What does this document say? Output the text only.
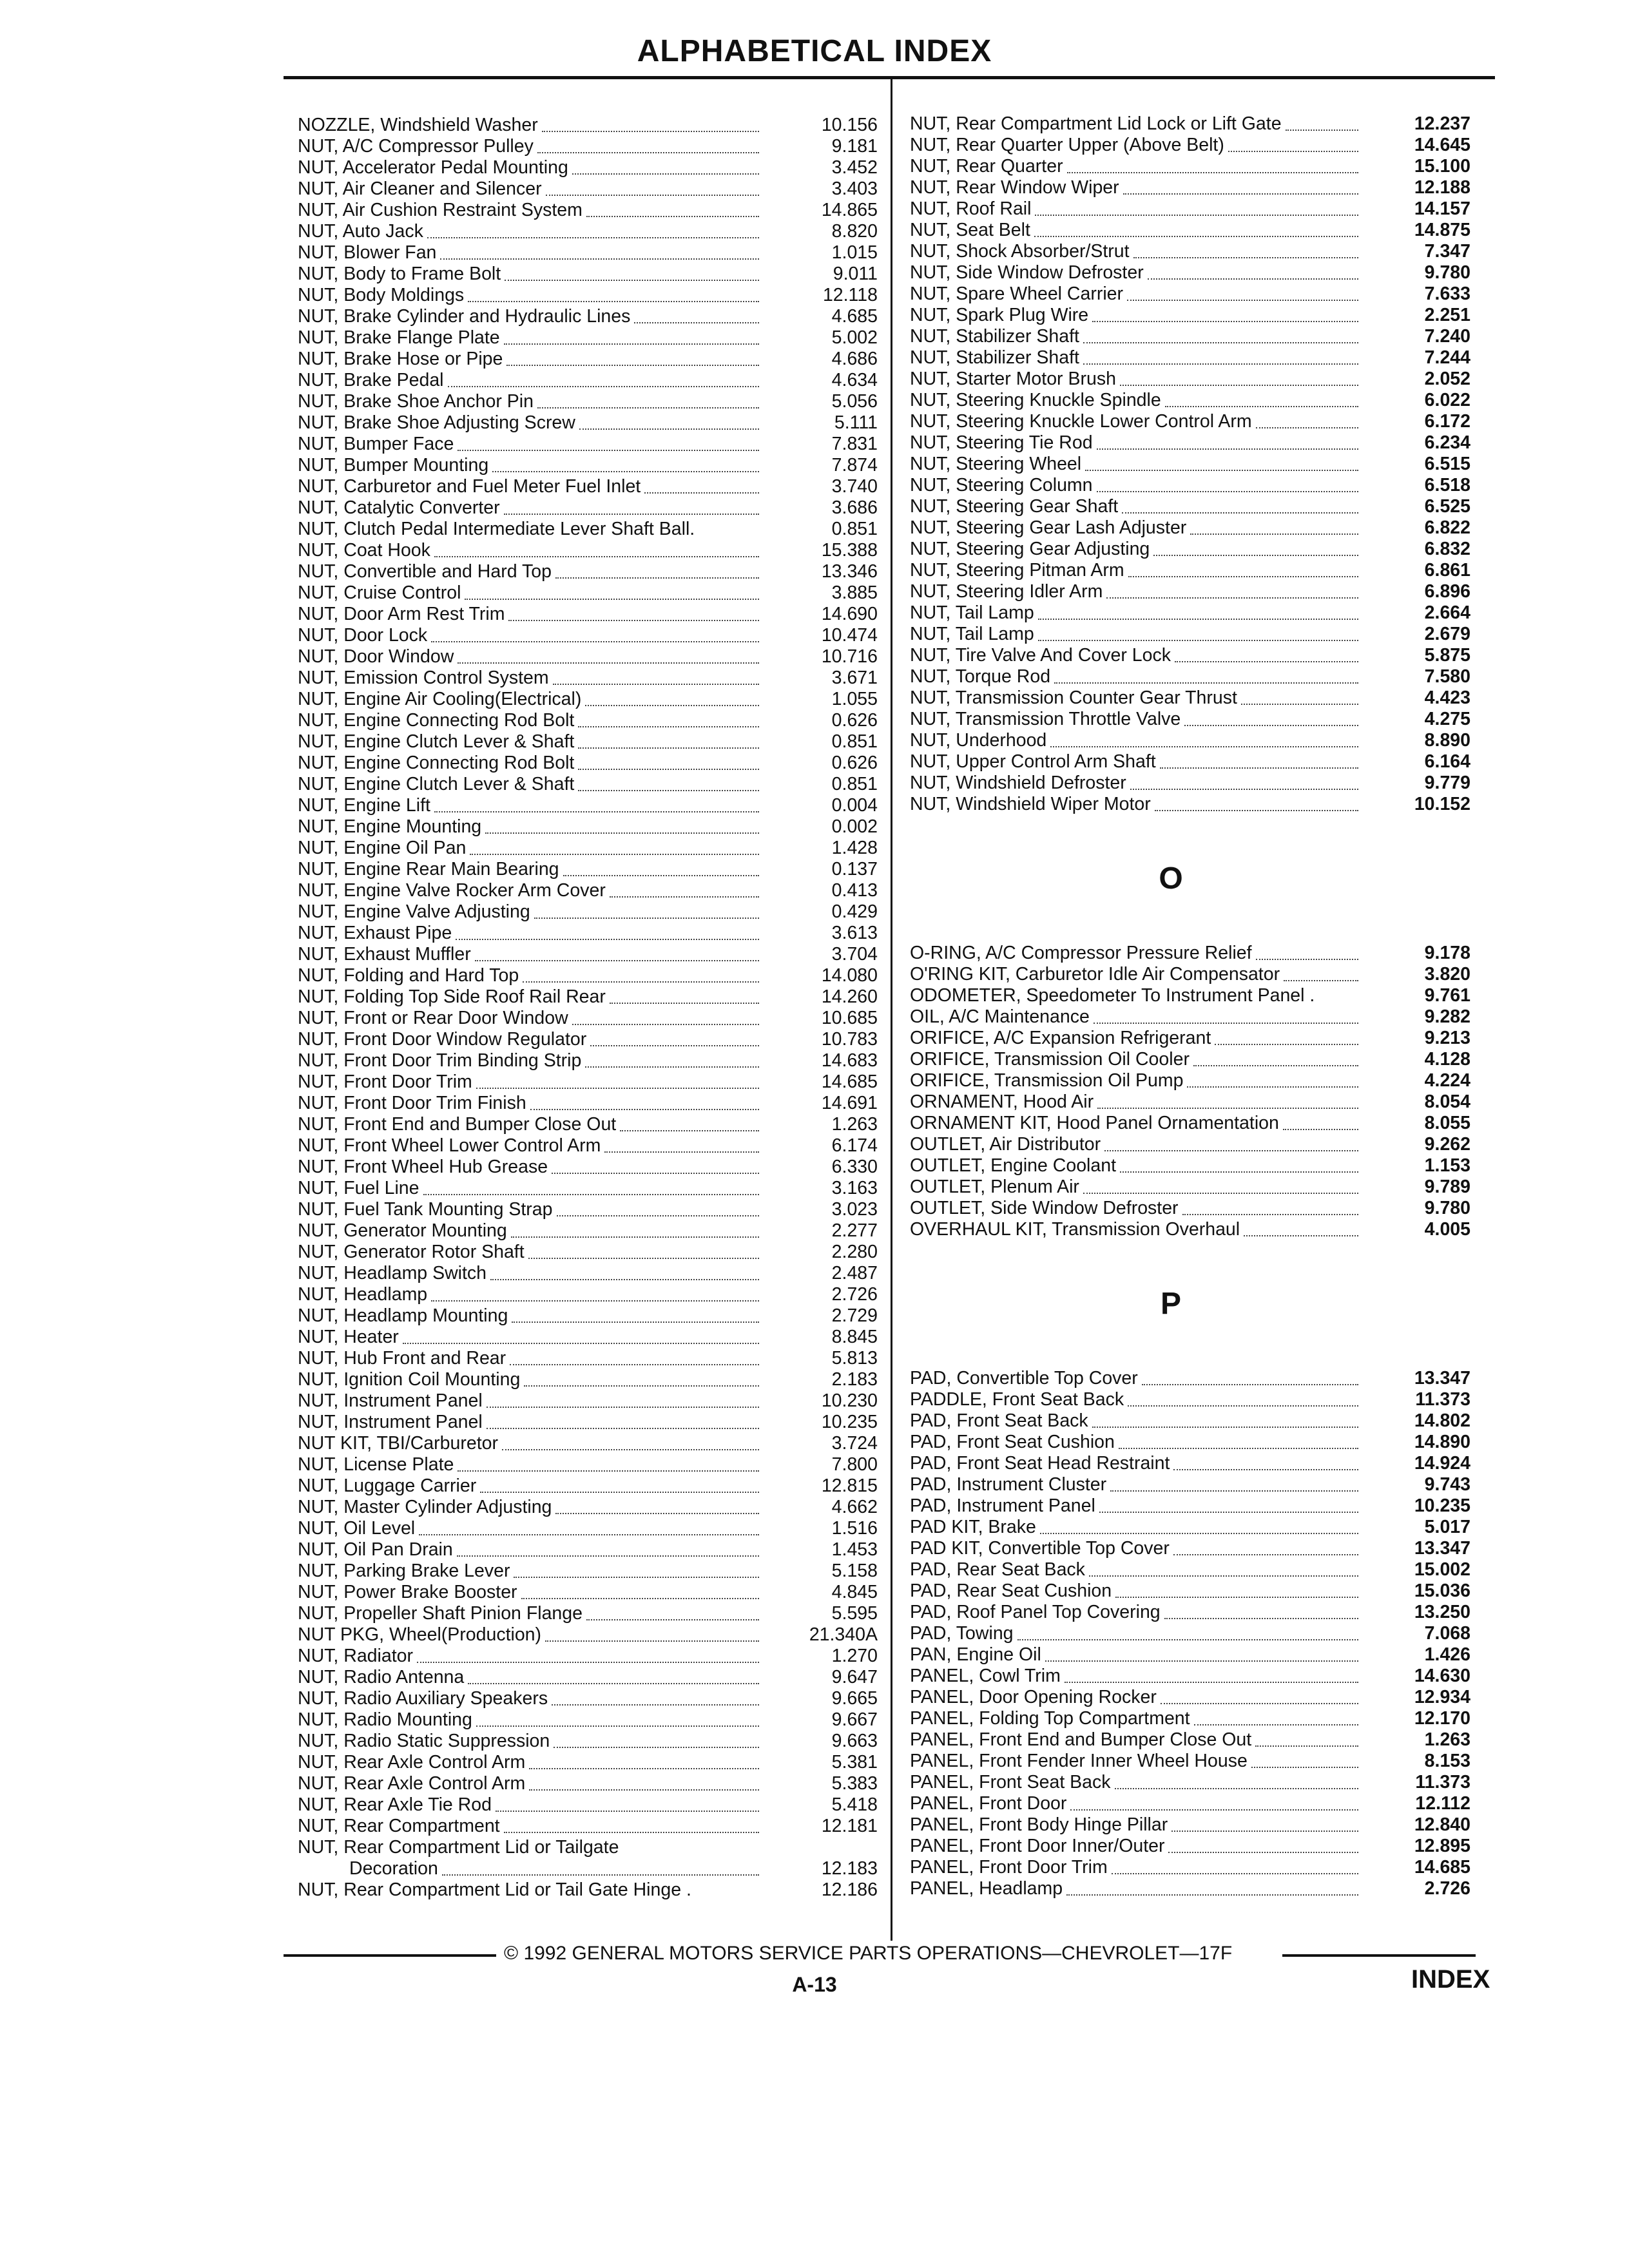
ALPHABETICAL INDEX
NOZZLE, Windshield Washer	10.156
NUT, A/C Compressor Pulley	9.181
NUT, Accelerator Pedal Mounting	3.452
NUT, Air Cleaner and Silencer	3.403
NUT, Air Cushion Restraint System	14.865
NUT, Auto Jack	8.820
NUT, Blower Fan	1.015
NUT, Body to Frame Bolt	9.011
NUT, Body Moldings	12.118
NUT, Brake Cylinder and Hydraulic Lines	4.685
NUT, Brake Flange Plate	5.002
NUT, Brake Hose or Pipe	4.686
NUT, Brake Pedal	4.634
NUT, Brake Shoe Anchor Pin	5.056
NUT, Brake Shoe Adjusting Screw	5.111
NUT, Bumper Face	7.831
NUT, Bumper Mounting	7.874
NUT, Carburetor and Fuel Meter Fuel Inlet	3.740
NUT, Catalytic Converter	3.686
NUT, Clutch Pedal Intermediate Lever Shaft Ball.	0.851
NUT, Coat Hook	15.388
NUT, Convertible and Hard Top	13.346
NUT, Cruise Control	3.885
NUT, Door Arm Rest Trim	14.690
NUT, Door Lock	10.474
NUT, Door Window	10.716
NUT, Emission Control System	3.671
NUT, Engine Air Cooling(Electrical)	1.055
NUT, Engine Connecting Rod Bolt	0.626
NUT, Engine Clutch Lever & Shaft	0.851
NUT, Engine Connecting Rod Bolt	0.626
NUT, Engine Clutch Lever & Shaft	0.851
NUT, Engine Lift	0.004
NUT, Engine Mounting	0.002
NUT, Engine Oil Pan	1.428
NUT, Engine Rear Main Bearing	0.137
NUT, Engine Valve Rocker Arm Cover	0.413
NUT, Engine Valve Adjusting	0.429
NUT, Exhaust Pipe	3.613
NUT, Exhaust Muffler	3.704
NUT, Folding and Hard Top	14.080
NUT, Folding Top Side Roof Rail Rear	14.260
NUT, Front or Rear Door Window	10.685
NUT, Front Door Window Regulator	10.783
NUT, Front Door Trim Binding Strip	14.683
NUT, Front Door Trim	14.685
NUT, Front Door Trim Finish	14.691
NUT, Front End and Bumper Close Out	1.263
NUT, Front Wheel Lower Control Arm	6.174
NUT, Front Wheel Hub Grease	6.330
NUT, Fuel Line	3.163
NUT, Fuel Tank Mounting Strap	3.023
NUT, Generator Mounting	2.277
NUT, Generator Rotor Shaft	2.280
NUT, Headlamp Switch	2.487
NUT, Headlamp	2.726
NUT, Headlamp Mounting	2.729
NUT, Heater	8.845
NUT, Hub Front and Rear	5.813
NUT, Ignition Coil Mounting	2.183
NUT, Instrument Panel	10.230
NUT, Instrument Panel	10.235
NUT KIT, TBI/Carburetor	3.724
NUT, License Plate	7.800
NUT, Luggage Carrier	12.815
NUT, Master Cylinder Adjusting	4.662
NUT, Oil Level	1.516
NUT, Oil Pan Drain	1.453
NUT, Parking Brake Lever	5.158
NUT, Power Brake Booster	4.845
NUT, Propeller Shaft Pinion Flange	5.595
NUT PKG, Wheel(Production)	21.340A
NUT, Radiator	1.270
NUT, Radio Antenna	9.647
NUT, Radio Auxiliary Speakers	9.665
NUT, Radio Mounting	9.667
NUT, Radio Static Suppression	9.663
NUT, Rear Axle Control Arm	5.381
NUT, Rear Axle Control Arm	5.383
NUT, Rear Axle Tie Rod	5.418
NUT, Rear Compartment	12.181
NUT, Rear Compartment Lid or Tailgate
Decoration	12.183
NUT, Rear Compartment Lid or Tail Gate Hinge .	12.186
NUT, Rear Compartment Lid Lock or Lift Gate	12.237
NUT, Rear Quarter Upper (Above Belt)	14.645
NUT, Rear Quarter	15.100
NUT, Rear Window Wiper	12.188
NUT, Roof Rail	14.157
NUT, Seat Belt	14.875
NUT, Shock Absorber/Strut	7.347
NUT, Side Window Defroster	9.780
NUT, Spare Wheel Carrier	7.633
NUT, Spark Plug Wire	2.251
NUT, Stabilizer Shaft	7.240
NUT, Stabilizer Shaft	7.244
NUT, Starter Motor Brush	2.052
NUT, Steering Knuckle Spindle	6.022
NUT, Steering Knuckle Lower Control Arm	6.172
NUT, Steering Tie Rod	6.234
NUT, Steering Wheel	6.515
NUT, Steering Column	6.518
NUT, Steering Gear Shaft	6.525
NUT, Steering Gear Lash Adjuster	6.822
NUT, Steering Gear Adjusting	6.832
NUT, Steering Pitman Arm	6.861
NUT, Steering Idler Arm	6.896
NUT, Tail Lamp	2.664
NUT, Tail Lamp	2.679
NUT, Tire Valve And Cover Lock	5.875
NUT, Torque Rod	7.580
NUT, Transmission Counter Gear Thrust	4.423
NUT, Transmission Throttle Valve	4.275
NUT, Underhood	8.890
NUT, Upper Control Arm Shaft	6.164
NUT, Windshield Defroster	9.779
NUT, Windshield Wiper Motor	10.152
O
O-RING, A/C Compressor Pressure Relief	9.178
O'RING KIT, Carburetor Idle Air Compensator	3.820
ODOMETER, Speedometer To Instrument Panel .	9.761
OIL, A/C Maintenance	9.282
ORIFICE, A/C Expansion Refrigerant	9.213
ORIFICE, Transmission Oil Cooler	4.128
ORIFICE, Transmission Oil Pump	4.224
ORNAMENT, Hood Air	8.054
ORNAMENT KIT, Hood Panel Ornamentation	8.055
OUTLET, Air Distributor	9.262
OUTLET, Engine Coolant	1.153
OUTLET, Plenum Air	9.789
OUTLET, Side Window Defroster	9.780
OVERHAUL KIT, Transmission Overhaul	4.005
P
PAD, Convertible Top Cover	13.347
PADDLE, Front Seat Back	11.373
PAD, Front Seat Back	14.802
PAD, Front Seat Cushion	14.890
PAD, Front Seat Head Restraint	14.924
PAD, Instrument Cluster	9.743
PAD, Instrument Panel	10.235
PAD KIT, Brake	5.017
PAD KIT, Convertible Top Cover	13.347
PAD, Rear Seat Back	15.002
PAD, Rear Seat Cushion	15.036
PAD, Roof Panel Top Covering	13.250
PAD, Towing	7.068
PAN, Engine Oil	1.426
PANEL, Cowl Trim	14.630
PANEL, Door Opening Rocker	12.934
PANEL, Folding Top Compartment	12.170
PANEL, Front End and Bumper Close Out	1.263
PANEL, Front Fender Inner Wheel House	8.153
PANEL, Front Seat Back	11.373
PANEL, Front Door	12.112
PANEL, Front Body Hinge Pillar	12.840
PANEL, Front Door Inner/Outer	12.895
PANEL, Front Door Trim	14.685
PANEL, Headlamp	2.726
© 1992 GENERAL MOTORS SERVICE PARTS OPERATIONS—CHEVROLET—17F
A-13	INDEX
